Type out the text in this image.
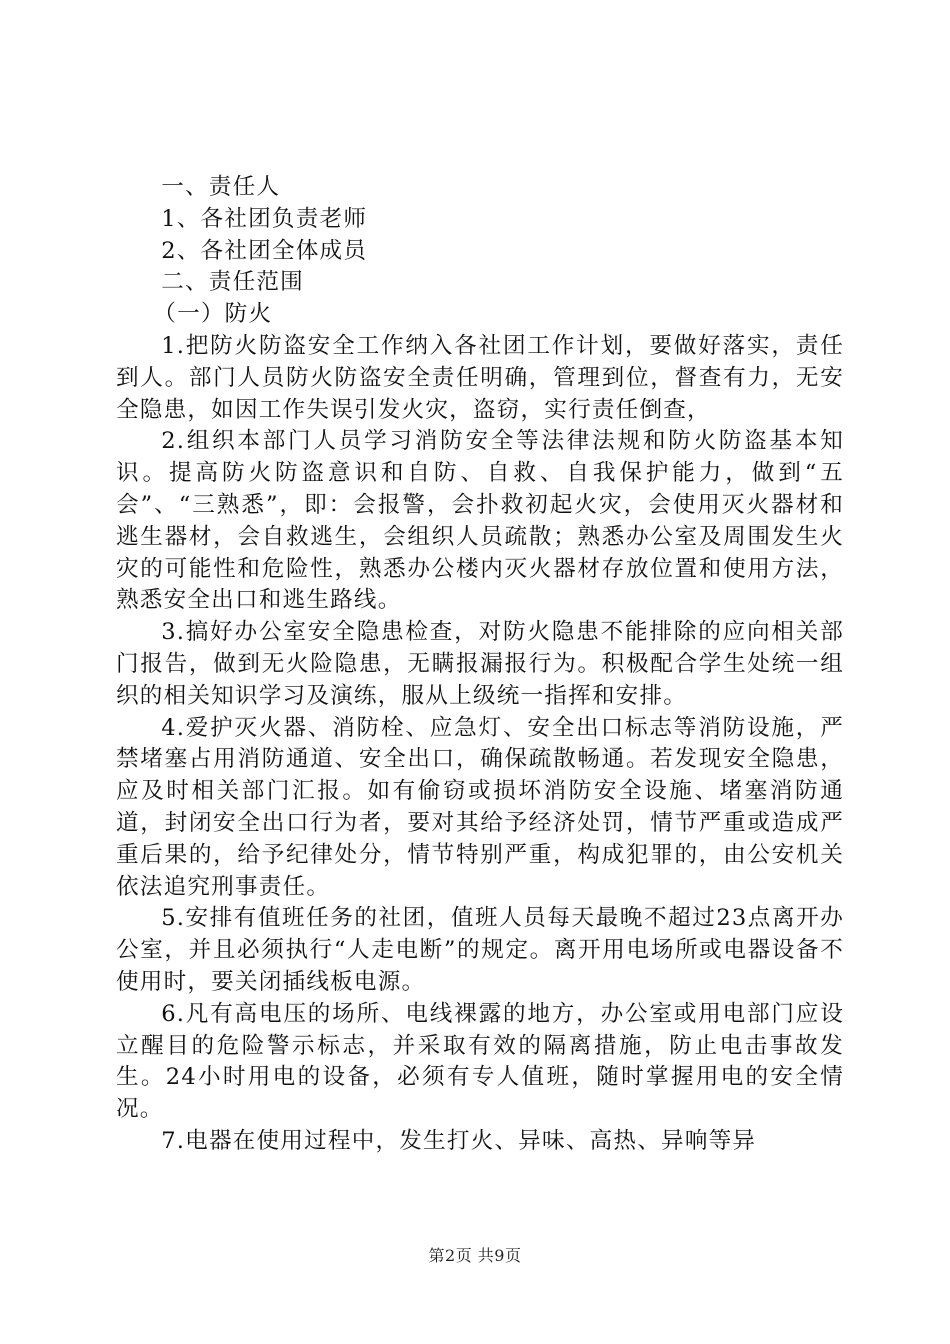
一、责任人

1、各社团负责老师

2、各社团全体成员

二、责任范围

（一）防火

1.把防火防盗安全工作纳入各社团工作计划，要做好落实，责任到人。部门人员防火防盗安全责任明确，管理到位，督查有力，无安全隐患，如因工作失误引发火灾，盗窃，实行责任倒查，

2.组织本部门人员学习消防安全等法律法规和防火防盗基本知识。提高防火防盗意识和自防、自救、自我保护能力，做到“五会”、“三熟悉”，即：会报警，会扑救初起火灾，会使用灭火器材和逃生器材，会自救逃生，会组织人员疏散；熟悉办公室及周围发生火灾的可能性和危险性，熟悉办公楼内灭火器材存放位置和使用方法，熟悉安全出口和逃生路线。

3.搞好办公室安全隐患检查，对防火隐患不能排除的应向相关部门报告，做到无火险隐患，无瞒报漏报行为。积极配合学生处统一组织的相关知识学习及演练，服从上级统一指挥和安排。

4.爱护灭火器、消防栓、应急灯、安全出口标志等消防设施，严禁堵塞占用消防通道、安全出口，确保疏散畅通。若发现安全隐患，应及时相关部门汇报。如有偷窃或损坏消防安全设施、堵塞消防通道，封闭安全出口行为者，要对其给予经济处罚，情节严重或造成严重后果的，给予纪律处分，情节特别严重，构成犯罪的，由公安机关依法追究刑事责任。

5.安排有值班任务的社团，值班人员每天最晚不超过23点离开办公室，并且必须执行“人走电断”的规定。离开用电场所或电器设备不使用时，要关闭插线板电源。

6.凡有高电压的场所、电线裸露的地方，办公室或用电部门应设立醒目的危险警示标志，并采取有效的隔离措施，防止电击事故发生。24小时用电的设备，必须有专人值班，随时掌握用电的安全情况。

7.电器在使用过程中，发生打火、异味、高热、异响等异

第2页 共9页
